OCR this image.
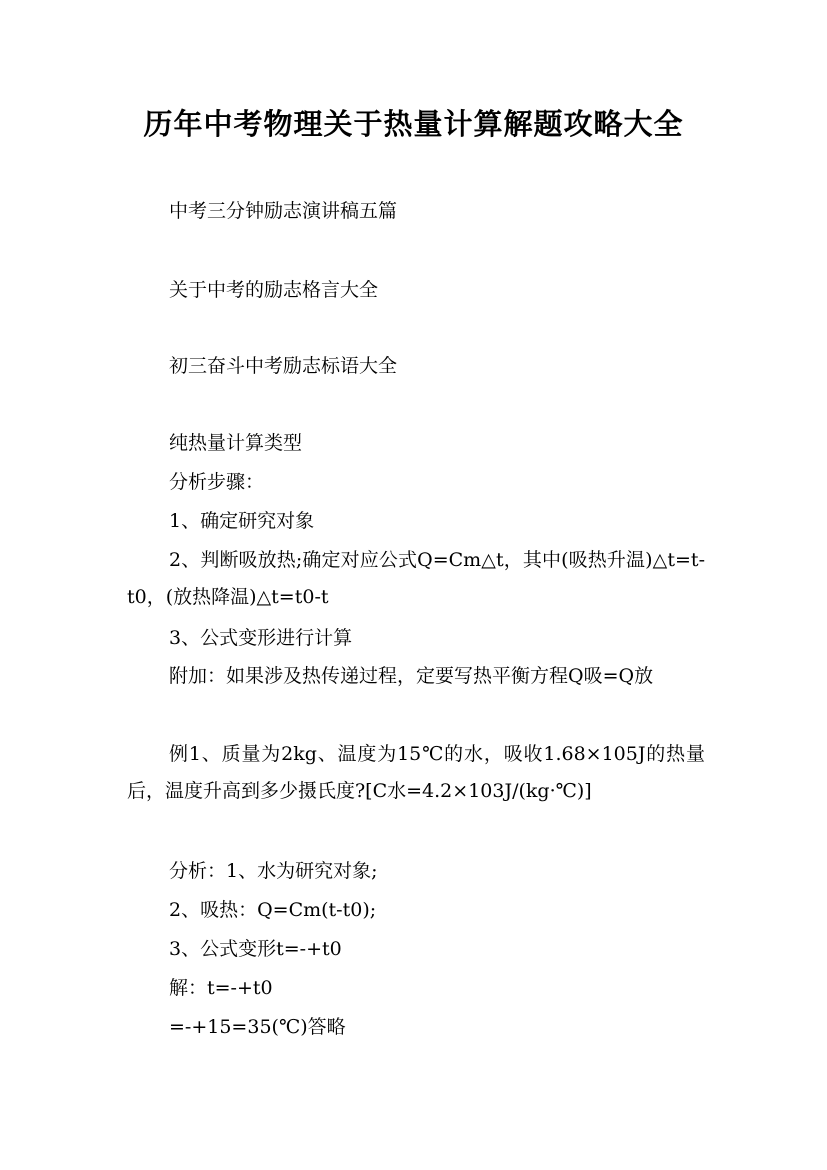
历年中考物理关于热量计算解题攻略大全

中考三分钟励志演讲稿五篇

关于中考的励志格言大全

初三奋斗中考励志标语大全

纯热量计算类型

分析步骤：

1、确定研究对象

2、判断吸放热;确定对应公式Q=Cm△t，其中(吸热升温)△t=t-t0，(放热降温)△t=t0-t

3、公式变形进行计算

附加：如果涉及热传递过程，定要写热平衡方程Q吸=Q放

例1、质量为2kg、温度为15℃的水，吸收1.68×105J的热量后，温度升高到多少摄氏度?[C水=4.2×103J/(kg·℃)]

分析：1、水为研究对象;

2、吸热：Q=Cm(t-t0);

3、公式变形t=-+t0

解：t=-+t0

=-+15=35(℃)答略
